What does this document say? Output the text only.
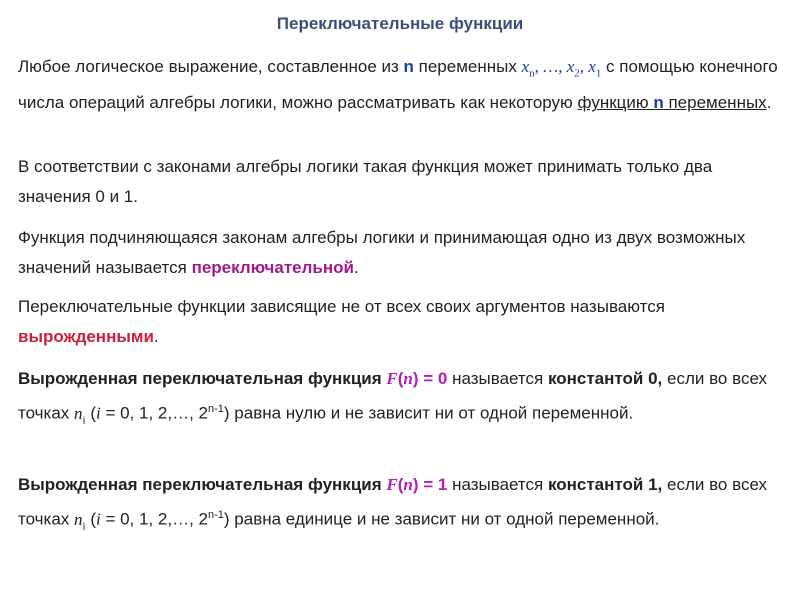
Переключательные функции

Любое логическое выражение, составленное из n переменных $x_n$, …, $x_2$, $x_1$ с помощью конечного числа операций алгебры логики, можно рассматривать как некоторую функцию n переменных.

В соответствии с законами алгебры логики такая функция может принимать только два значения 0 и 1.

Функция подчиняющаяся законам алгебры логики и принимающая одно из двух возможных значений называется переключательной.

Переключательные функции зависящие не от всех своих аргументов называются вырожденными.

Вырожденная переключательная функция F(n) = 0 называется константой 0, если во всех точках $n_i$ (i = 0, 1, 2,…, 2$^{n-1}$) равна нулю и не зависит ни от одной переменной.

Вырожденная переключательная функция F(n) = 1 называется константой 1, если во всех точках $n_i$ (i = 0, 1, 2,…, 2$^{n-1}$) равна единице и не зависит ни от одной переменной.
